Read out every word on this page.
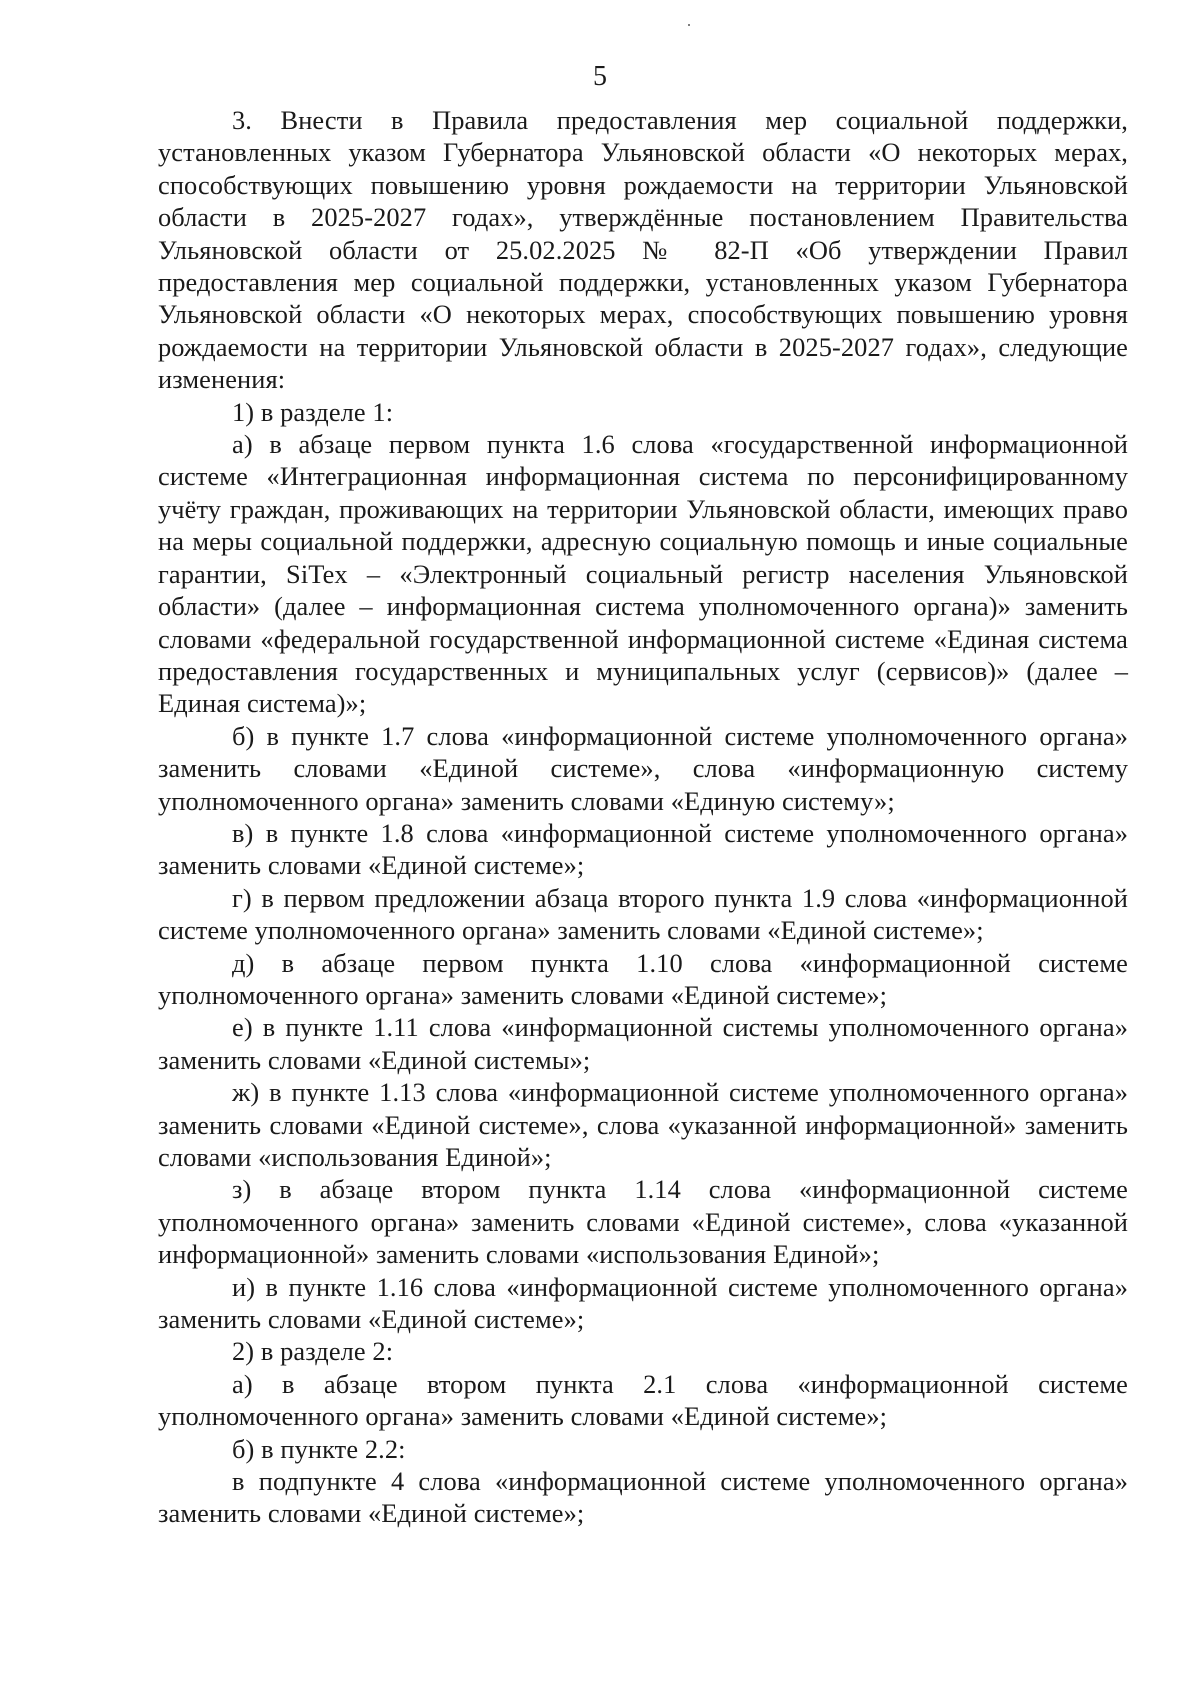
5

3. Внести в Правила предоставления мер социальной поддержки, установленных указом Губернатора Ульяновской области «О некоторых мерах, способствующих повышению уровня рождаемости на территории Ульяновской области в 2025-2027 годах», утверждённые постановлением Правительства Ульяновской области от 25.02.2025 № 82-П «Об утверждении Правил предоставления мер социальной поддержки, установленных указом Губернатора Ульяновской области «О некоторых мерах, способствующих повышению уровня рождаемости на территории Ульяновской области в 2025-2027 годах», следующие изменения:

1) в разделе 1:

а) в абзаце первом пункта 1.6 слова «государственной информационной системе «Интеграционная информационная система по персонифицированному учёту граждан, проживающих на территории Ульяновской области, имеющих право на меры социальной поддержки, адресную социальную помощь и иные социальные гарантии, SiTex – «Электронный социальный регистр населения Ульяновской области» (далее – информационная система уполномоченного органа)» заменить словами «федеральной государственной информационной системе «Единая система предоставления государственных и муниципальных услуг (сервисов)» (далее – Единая система)»;

б) в пункте 1.7 слова «информационной системе уполномоченного органа» заменить словами «Единой системе», слова «информационную систему уполномоченного органа» заменить словами «Единую систему»;

в) в пункте 1.8 слова «информационной системе уполномоченного органа» заменить словами «Единой системе»;

г) в первом предложении абзаца второго пункта 1.9 слова «информационной системе уполномоченного органа» заменить словами «Единой системе»;

д) в абзаце первом пункта 1.10 слова «информационной системе уполномоченного органа» заменить словами «Единой системе»;

е) в пункте 1.11 слова «информационной системы уполномоченного органа» заменить словами «Единой системы»;

ж) в пункте 1.13 слова «информационной системе уполномоченного органа» заменить словами «Единой системе», слова «указанной информационной» заменить словами «использования Единой»;

з) в абзаце втором пункта 1.14 слова «информационной системе уполномоченного органа» заменить словами «Единой системе», слова «указанной информационной» заменить словами «использования Единой»;

и) в пункте 1.16 слова «информационной системе уполномоченного органа» заменить словами «Единой системе»;

2) в разделе 2:

а) в абзаце втором пункта 2.1 слова «информационной системе уполномоченного органа» заменить словами «Единой системе»;

б) в пункте 2.2:

в подпункте 4 слова «информационной системе уполномоченного органа» заменить словами «Единой системе»;
